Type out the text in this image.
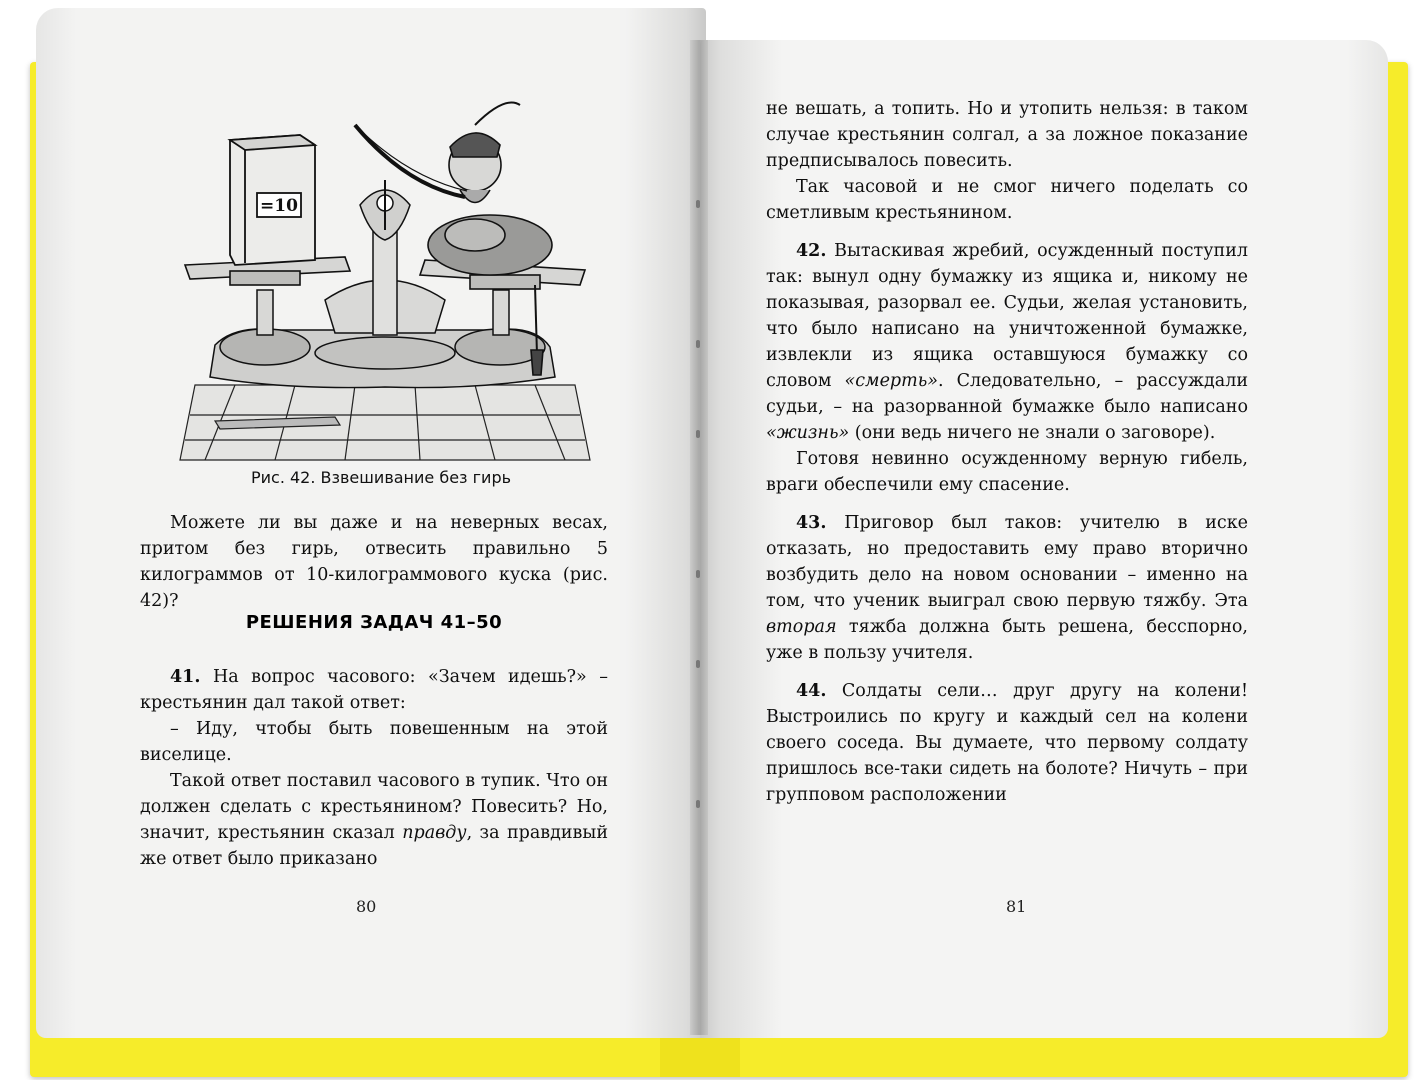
=10
Рис. 42. Взвешивание без гирь

Можете ли вы даже и на неверных весах, притом без гирь, отвесить правильно 5 килограммов от 10-килограммового куска (рис. 42)?

РЕШЕНИЯ ЗАДАЧ 41–50

41. На вопрос часового: «Зачем идешь?» – крестьянин дал такой ответ:

– Иду, чтобы быть повешенным на этой виселице.

Такой ответ поставил часового в тупик. Что он должен сделать с крестьянином? Повесить? Но, значит, крестьянин сказал правду, за правдивый же ответ было приказано

80

не вешать, а топить. Но и утопить нельзя: в таком случае крестьянин солгал, а за ложное показание предписывалось повесить.

Так часовой и не смог ничего поделать со сметливым крестьянином.

42. Вытаскивая жребий, осужденный поступил так: вынул одну бумажку из ящика и, никому не показывая, разорвал ее. Судьи, желая установить, что было написано на уничтоженной бумажке, извлекли из ящика оставшуюся бумажку со словом «смерть». Следовательно, – рассуждали судьи, – на разорванной бумажке было написано «жизнь» (они ведь ничего не знали о заговоре).

Готовя невинно осужденному верную гибель, враги обеспечили ему спасение.

43. Приговор был таков: учителю в иске отказать, но предоставить ему право вторично возбудить дело на новом основании – именно на том, что ученик выиграл свою первую тяжбу. Эта вторая тяжба должна быть решена, бесспорно, уже в пользу учителя.

44. Солдаты сели… друг другу на колени! Выстроились по кругу и каждый сел на колени своего соседа. Вы думаете, что первому солдату пришлось все-таки сидеть на болоте? Ничуть – при групповом расположении

81
